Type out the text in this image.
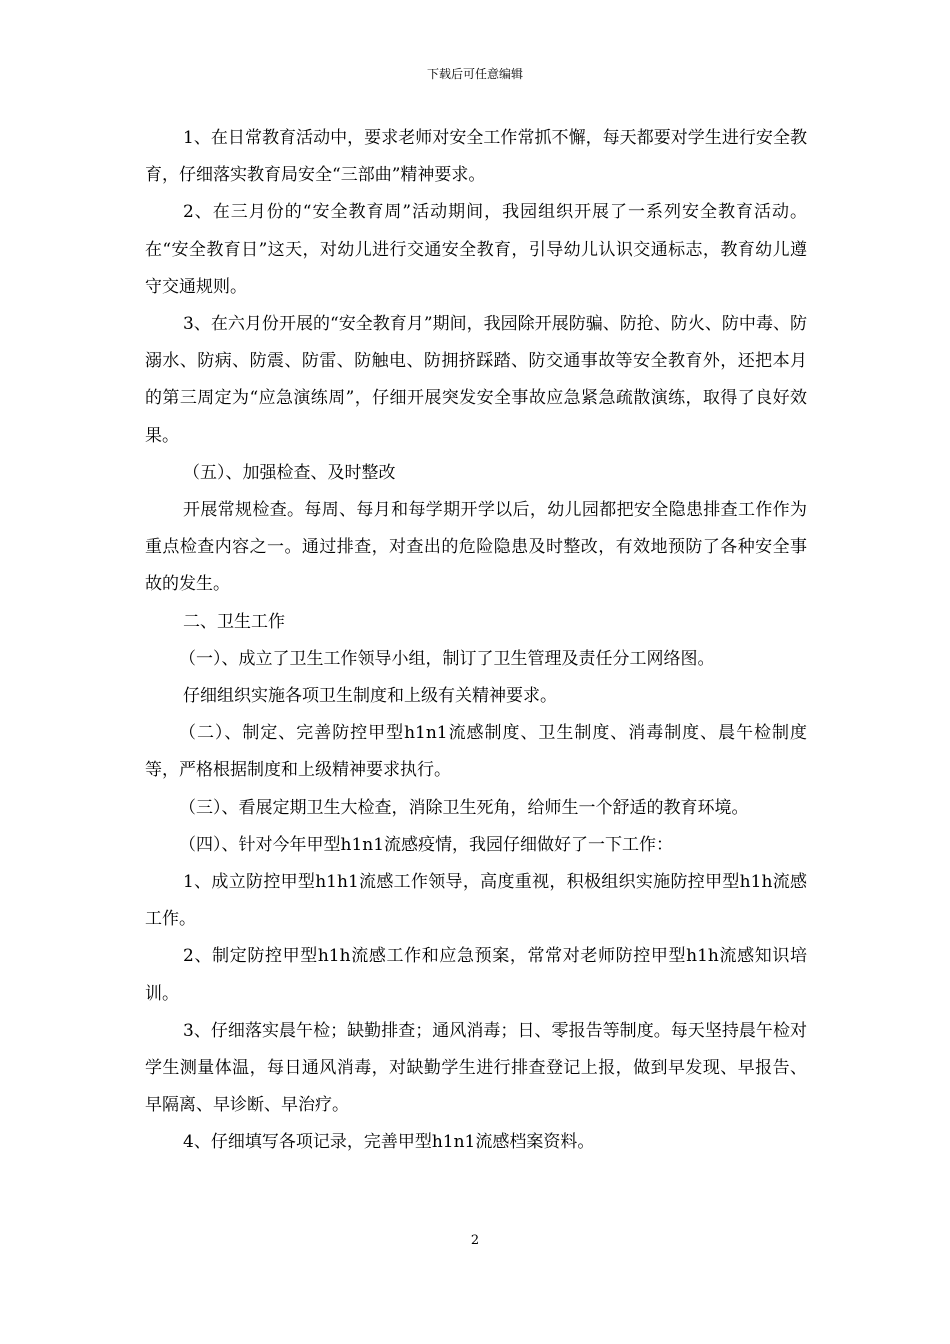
下载后可任意编辑

1、在日常教育活动中，要求老师对安全工作常抓不懈，每天都要对学生进行安全教育，仔细落实教育局安全“三部曲”精神要求。

2、在三月份的“安全教育周”活动期间，我园组织开展了一系列安全教育活动。在“安全教育日”这天，对幼儿进行交通安全教育，引导幼儿认识交通标志，教育幼儿遵守交通规则。

3、在六月份开展的“安全教育月”期间，我园除开展防骗、防抢、防火、防中毒、防溺水、防病、防震、防雷、防触电、防拥挤踩踏、防交通事故等安全教育外，还把本月的第三周定为“应急演练周”，仔细开展突发安全事故应急紧急疏散演练，取得了良好效果。

（五）、加强检查、及时整改

开展常规检查。每周、每月和每学期开学以后，幼儿园都把安全隐患排查工作作为重点检查内容之一。通过排查，对查出的危险隐患及时整改，有效地预防了各种安全事故的发生。

二、卫生工作

（一）、成立了卫生工作领导小组，制订了卫生管理及责任分工网络图。

仔细组织实施各项卫生制度和上级有关精神要求。

（二）、制定、完善防控甲型h1n1流感制度、卫生制度、消毒制度、晨午检制度等，严格根据制度和上级精神要求执行。

（三）、看展定期卫生大检查，消除卫生死角，给师生一个舒适的教育环境。

（四）、针对今年甲型h1n1流感疫情，我园仔细做好了一下工作：

1、成立防控甲型h1h1流感工作领导，高度重视，积极组织实施防控甲型h1h流感工作。

2、制定防控甲型h1h流感工作和应急预案，常常对老师防控甲型h1h流感知识培训。

3、仔细落实晨午检；缺勤排查；通风消毒；日、零报告等制度。每天坚持晨午检对学生测量体温，每日通风消毒，对缺勤学生进行排查登记上报，做到早发现、早报告、早隔离、早诊断、早治疗。

4、仔细填写各项记录，完善甲型h1n1流感档案资料。

2
